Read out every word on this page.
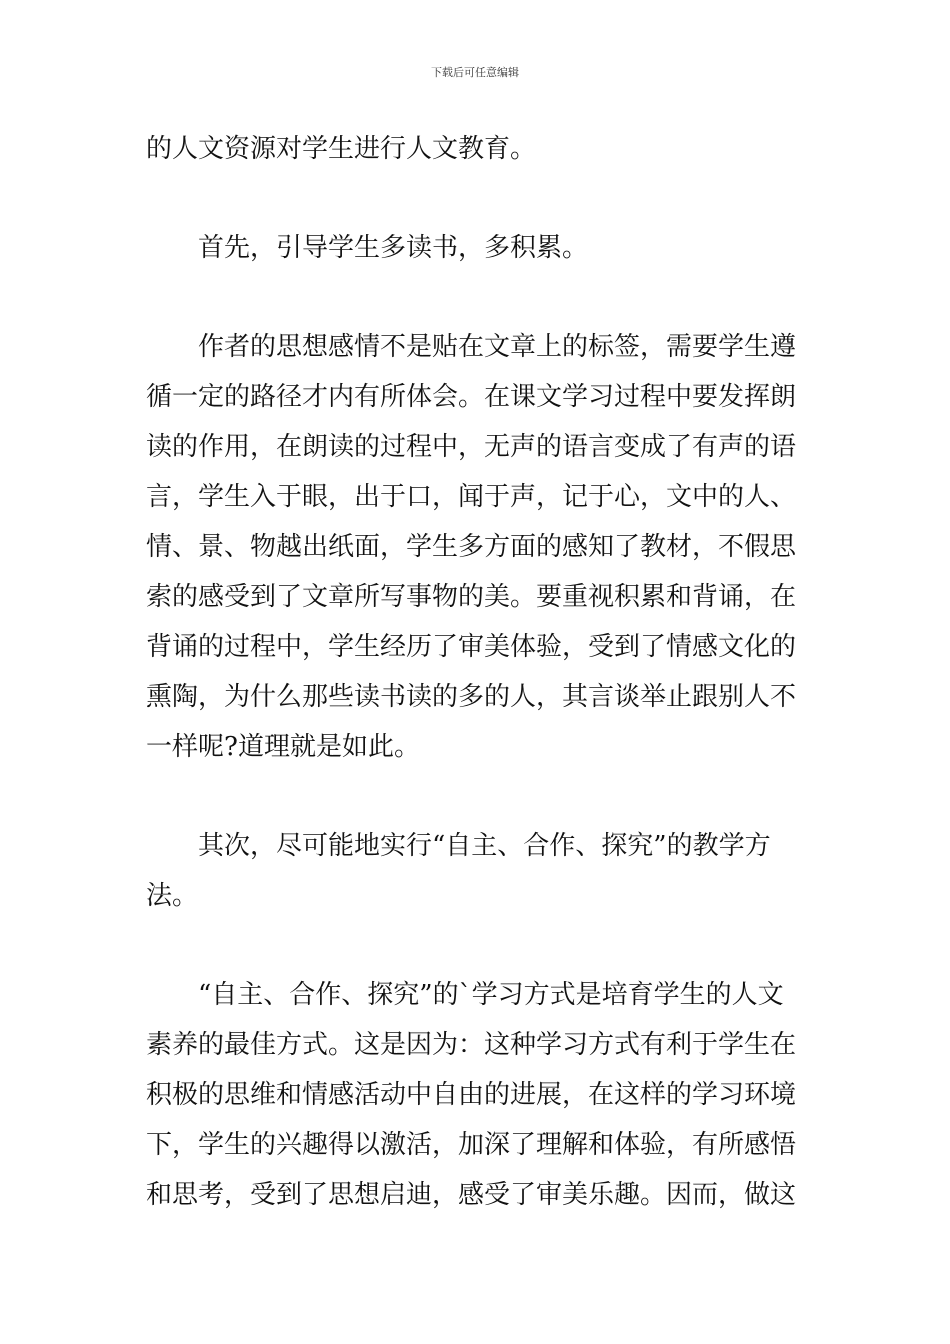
下载后可任意编辑
的人文资源对学生进行人文教育。
首先，引导学生多读书，多积累。
作者的思想感情不是贴在文章上的标签，需要学生遵
循一定的路径才内有所体会。在课文学习过程中要发挥朗
读的作用，在朗读的过程中，无声的语言变成了有声的语
言，学生入于眼，出于口，闻于声，记于心，文中的人、
情、景、物越出纸面，学生多方面的感知了教材，不假思
索的感受到了文章所写事物的美。要重视积累和背诵，在
背诵的过程中，学生经历了审美体验，受到了情感文化的
熏陶，为什么那些读书读的多的人，其言谈举止跟别人不
一样呢?道理就是如此。
其次，尽可能地实行“自主、合作、探究”的教学方
法。
“自主、合作、探究”的`学习方式是培育学生的人文
素养的最佳方式。这是因为：这种学习方式有利于学生在
积极的思维和情感活动中自由的进展，在这样的学习环境
下，学生的兴趣得以激活，加深了理解和体验，有所感悟
和思考，受到了思想启迪，感受了审美乐趣。因而，做这
